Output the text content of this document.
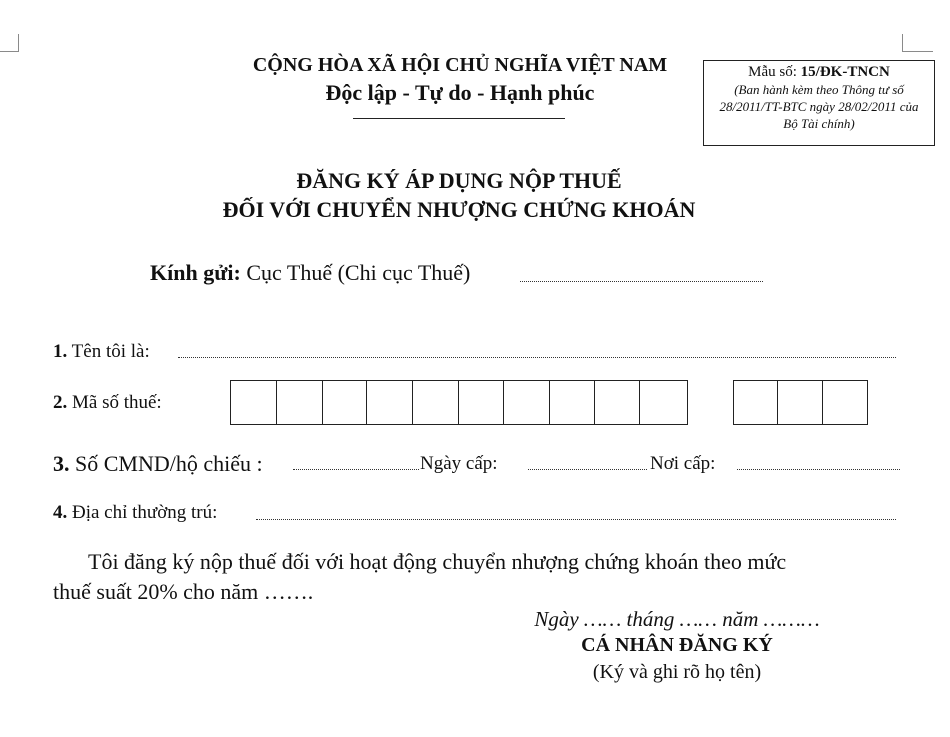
CỘNG HÒA XÃ HỘI CHỦ NGHĨA VIỆT NAM
Độc lập - Tự do - Hạnh phúc
Mẫu số: 15/ĐK-TNCN
(Ban hành kèm theo Thông tư số 28/2011/TT-BTC ngày 28/02/2011 của Bộ Tài chính)
ĐĂNG KÝ ÁP DỤNG NỘP THUẾ
ĐỐI VỚI CHUYỂN NHƯỢNG CHỨNG KHOÁN
Kính gửi: Cục Thuế (Chi cục Thuế)
1. Tên tôi là:
2. Mã số thuế:
3. Số CMND/hộ chiếu :	Ngày cấp:	Nơi cấp:
4. Địa chỉ thường trú:
Tôi đăng ký nộp thuế đối với hoạt động chuyển nhượng chứng khoán theo mức
thuế suất 20% cho năm …….
Ngày …… tháng …… năm ………
CÁ NHÂN ĐĂNG KÝ
(Ký và ghi rõ họ tên)
